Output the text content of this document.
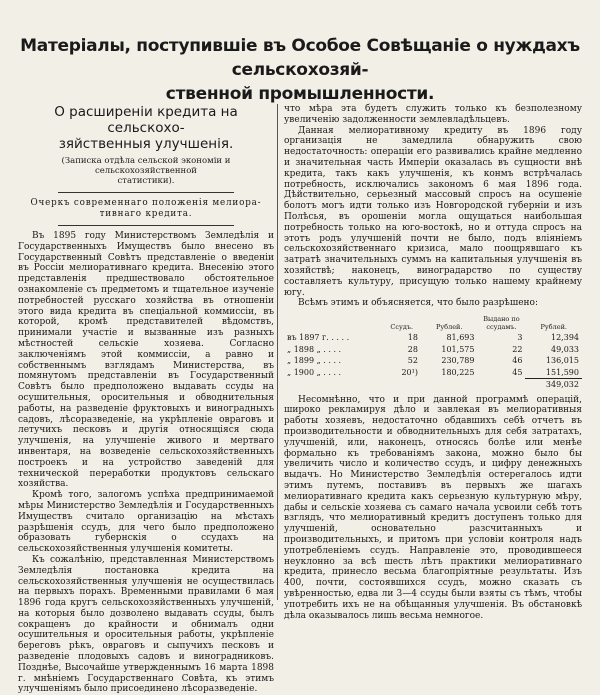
Матеріалы, поступившіе въ Особое Совѣщаніе о нуждахъ сельскохозяй-
ственной промышленности.
О расширеніи кредита на сельскохо-
зяйственныя улучшенія.
(Записка отдѣла сельской экономіи и сельскохозяйственной
статистики).
Очеркъ современнаго положенія мелиора-
тивнаго кредита.

Въ 1895 году Министерствомъ Земледѣлія и Государственныхъ Имуществъ было внесено въ Государственный Совѣтъ представленіе о введеніи въ Россіи мелиоративнаго кредита. Внесенію этого представленія предшествовало обстоятельное ознакомленіе съ предметомъ и тщательное изученіе потребностей русскаго хозяйства въ отношеніи этого вида кредита въ спеціальной коммиссіи, въ которой, кромѣ представителей вѣдомствъ, принимали участіе и вызванные изъ разныхъ мѣстностей сельскіе хозяева. Согласно заключеніямъ этой коммиссіи, а равно и собственнымъ взглядамъ Министерства, въ помянутомъ представленіи въ Государственный Совѣтъ было предположено выдавать ссуды на осушительныя, оросительныя и обводнительныя работы, на разведеніе фруктовыхъ и виноградныхъ садовъ, лѣсоразведеніе, на укрѣпленіе овраговъ и летучихъ песковъ и другія относящіяся сюда улучшенія, на улучшеніе живого и мертваго инвентаря, на возведеніе сельскохозяйственныхъ построекъ и на устройство заведеній для технической переработки продуктовъ сельскаго хозяйства.

Кромѣ того, залогомъ успѣха предпринимаемой мѣры Министерство Земледѣлія и Государственныхъ Имуществъ считало организацію на мѣстахъ разрѣшенія ссудъ, для чего было предположено образовать губернскія о ссудахъ на сельскохозяйственныя улучшенія комитеты.

Къ сожалѣнію, представленная Министерствомъ Земледѣлія постановка кредита на сельскохозяйственныя улучшенія не осуществилась на первыхъ порахъ. Временными правилами 6 мая 1896 года кругъ сельскохозяйственныхъ улучшеній, на которыя было дозволено выдавать ссуды, былъ сокращенъ до крайности и обнималъ одни осушительныя и оросительныя работы, укрѣпленіе береговъ рѣкъ, овраговъ и сыпучихъ песковъ и разведеніе плодовыхъ садовъ и виноградниковъ. Позднѣе, Высочайше утвержденнымъ 16 марта 1898 г. мнѣніемъ Государственнаго Совѣта, къ этимъ улучшеніямъ было присоединено лѣсоразведеніе.

что мѣра эта будетъ служить только къ безполезному увеличенію задолженности землевладѣльцевъ.

Данная мелиоративному кредиту въ 1896 году организація не замедлила обнаружить свою недостаточность: операціи его развивались крайне медленно и значительная часть Имперіи оказалась въ сущности внѣ кредита, такъ какъ улучшенія, къ конмъ встрѣчалась потребность, исключались закономъ 6 мая 1896 года. Дѣйствительно, серьезный массовый спросъ на осушеніе болотъ могъ идти только изъ Новгородской губерніи и изъ Полѣсья, въ орошеніи могла ощущаться наибольшая потребность только на юго-востокѣ, но и оттуда спросъ на этотъ родъ улучшеній почти не было, подъ вліяніемъ сельскохозяйственнаго кризиса, мало поощрявшаго къ затратѣ значительныхъ суммъ на капитальныя улучшенія въ хозяйствѣ; наконецъ, виноградарство по существу составляетъ культуру, присущую только нашему крайнему югу.

Всѣмъ этимъ и объясняется, что было разрѣшено:

	Ссудъ.	Рублей.	Выдано по ссудамъ.	Рублей.
въ 1897 г. . . . .	18	81,693	3	12,394
„ 1898 „ . . . .	28	101,575	22	49,033
„ 1899 „ . . . .	52	230,789	46	136,015
„ 1900 „ . . . .	20¹)	180,225	45	151,590
				349,032

Несомнѣнно, что и при данной программѣ операцій, широко рекламируя дѣло и завлекая въ мелиоративныя работы хозяевъ, недостаточно обдавшихъ себѣ отчетъ въ производительности и обводнительныхъ для себя затратахъ, улучшеній, или, наконецъ, относясь болѣе или менѣе формально къ требованіямъ закона, можно было бы увеличить число и количество ссудъ, и цифру денежныхъ выдачъ. Но Министерство Земледѣлія остерегалось идти этимъ путемъ, поставивъ въ первыхъ же шагахъ мелиоративнаго кредита какъ серьезную культурную мѣру, дабы и сельскіе хозяева съ самаго начала усвоили себѣ тотъ взглядъ, что мелиоративный кредитъ доступенъ только для улучшеній, основательно разсчитанныхъ и производительныхъ, и притомъ при условіи контроля надъ употребленіемъ ссудъ. Направленіе это, проводившееся неуклонно за всѣ шесть лѣтъ практики мелиоративнаго кредита, принесло весьма благопріятные результаты. Изъ 400, почти, состоявшихся ссудъ, можно сказать съ увѣренностью, едва ли 3—4 ссуды были взяты съ тѣмъ, чтобы употребить ихъ не на обѣщанныя улучшенія. Въ обстановкѣ дѣла оказывалось лишь весьма немногое.
